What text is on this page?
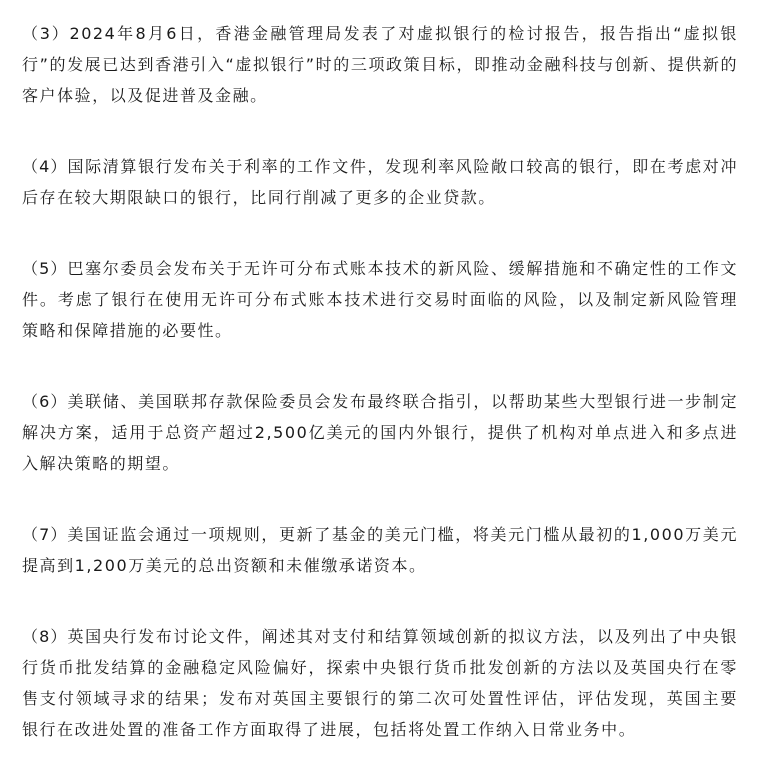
（3）2024年8月6日，香港金融管理局发表了对虚拟银行的检讨报告，报告指出“虚拟银行”的发展已达到香港引入“虚拟银行”时的三项政策目标，即推动金融科技与创新、提供新的客户体验，以及促进普及金融。

（4）国际清算银行发布关于利率的工作文件，发现利率风险敞口较高的银行，即在考虑对冲后存在较大期限缺口的银行，比同行削减了更多的企业贷款。

（5）巴塞尔委员会发布关于无许可分布式账本技术的新风险、缓解措施和不确定性的工作文件。考虑了银行在使用无许可分布式账本技术进行交易时面临的风险，以及制定新风险管理策略和保障措施的必要性。

（6）美联储、美国联邦存款保险委员会发布最终联合指引，以帮助某些大型银行进一步制定解决方案，适用于总资产超过2,500亿美元的国内外银行，提供了机构对单点进入和多点进入解决策略的期望。

（7）美国证监会通过一项规则，更新了基金的美元门槛，将美元门槛从最初的1,000万美元提高到1,200万美元的总出资额和未催缴承诺资本。

（8）英国央行发布讨论文件，阐述其对支付和结算领域创新的拟议方法，以及列出了中央银行货币批发结算的金融稳定风险偏好，探索中央银行货币批发创新的方法以及英国央行在零售支付领域寻求的结果；发布对英国主要银行的第二次可处置性评估，评估发现，英国主要银行在改进处置的准备工作方面取得了进展，包括将处置工作纳入日常业务中。
